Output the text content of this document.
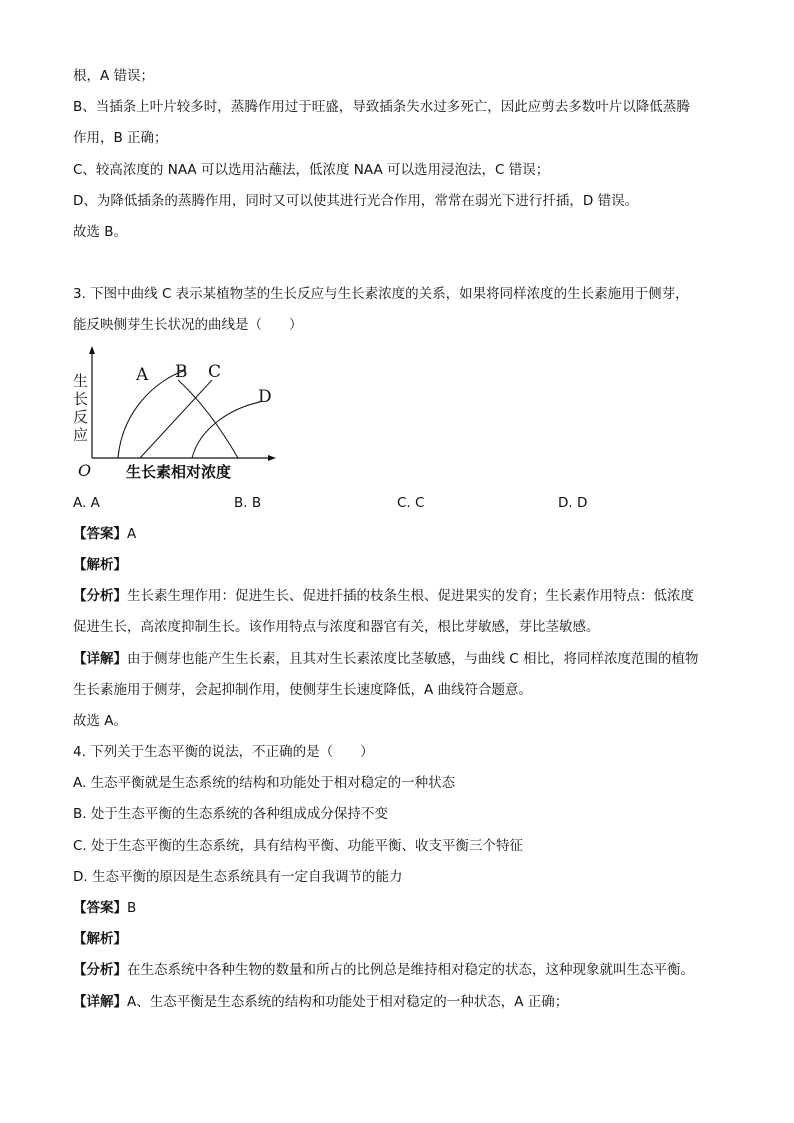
根，A 错误；
B、当插条上叶片较多时，蒸腾作用过于旺盛，导致插条失水过多死亡，因此应剪去多数叶片以降低蒸腾
作用，B 正确；
C、较高浓度的 NAA 可以选用沾蘸法，低浓度 NAA 可以选用浸泡法，C 错误；
D、为降低插条的蒸腾作用，同时又可以使其进行光合作用，常常在弱光下进行扦插，D 错误。
故选 B。
3. 下图中曲线 C 表示某植物茎的生长反应与生长素浓度的关系，如果将同样浓度的生长素施用于侧芽，
能反映侧芽生长状况的曲线是（　　）
A B C
D
生
长
反
应
O 生长素相对浓度
A. A	B. B	C. C	D. D
【答案】A
【解析】
【分析】生长素生理作用：促进生长、促进扦插的枝条生根、促进果实的发育；生长素作用特点：低浓度
促进生长，高浓度抑制生长。该作用特点与浓度和器官有关，根比芽敏感，芽比茎敏感。
【详解】由于侧芽也能产生生长素，且其对生长素浓度比茎敏感，与曲线 C 相比，将同样浓度范围的植物
生长素施用于侧芽，会起抑制作用，使侧芽生长速度降低，A 曲线符合题意。
故选 A。
4. 下列关于生态平衡的说法，不正确的是（　　）
A. 生态平衡就是生态系统的结构和功能处于相对稳定的一种状态
B. 处于生态平衡的生态系统的各种组成成分保持不变
C. 处于生态平衡的生态系统，具有结构平衡、功能平衡、收支平衡三个特征
D. 生态平衡的原因是生态系统具有一定自我调节的能力
【答案】B
【解析】
【分析】在生态系统中各种生物的数量和所占的比例总是维持相对稳定的状态，这种现象就叫生态平衡。
【详解】A、生态平衡是生态系统的结构和功能处于相对稳定的一种状态，A 正确；
